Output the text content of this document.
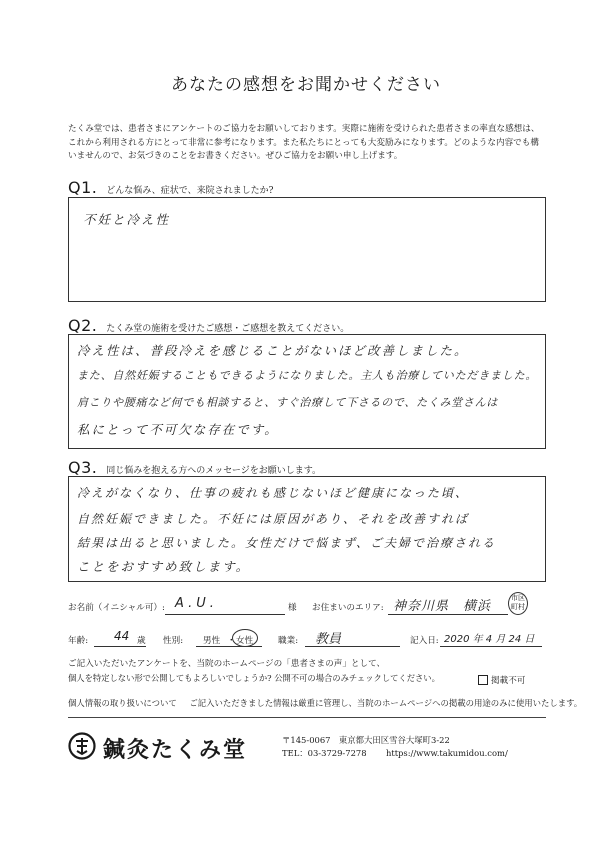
あなたの感想をお聞かせください
たくみ堂では、患者さまにアンケートのご協力をお願いしております。実際に施術を受けられた患者さまの率直な感想は、これから利用される方にとって非常に参考になります。また私たちにとっても大変励みになります。どのような内容でも構いませんので、お気づきのことをお書きください。ぜひご協力をお願い申し上げます。
Q1. どんな悩み、症状で、来院されましたか?
不妊と冷え性
Q2. たくみ堂の施術を受けたご感想・ご感想を教えてください。
冷え性は、普段冷えを感じることがないほど改善しました。
また、自然妊娠することもできるようになりました。主人も治療していただきました。
肩こりや腰痛など何でも相談すると、すぐ治療して下さるので、たくみ堂さんは
私にとって不可欠な存在です。
Q3. 同じ悩みを抱える方へのメッセージをお願いします。
冷えがなくなり、仕事の疲れも感じないほど健康になった頃、
自然妊娠できました。不妊には原因があり、それを改善すれば
結果は出ると思いました。女性だけで悩まず、ご夫婦で治療される
ことをおすすめ致します。
お名前（イニシャル可）: A.U.	様 お住まいのエリア: 神奈川県　横浜
市区
町村
年齢: 44 歳 性別: 男性 ・ 女性	職業: 教員	記入日: 2020 年 4 月 24 日
ご記入いただいたアンケートを、当院のホームページの「患者さまの声」として、
個人を特定しない形で公開してもよろしいでしょうか? 公開不可の場合のみチェックしてください。	掲載不可
個人情報の取り扱いについて ご記入いただきました情報は厳重に管理し、当院のホームページへの掲載の用途のみに使用いたします。
鍼灸たくみ堂	〒145-0067　東京都大田区雪谷大塚町3-22
TEL：03-3729-7278 https://www.takumidou.com/
